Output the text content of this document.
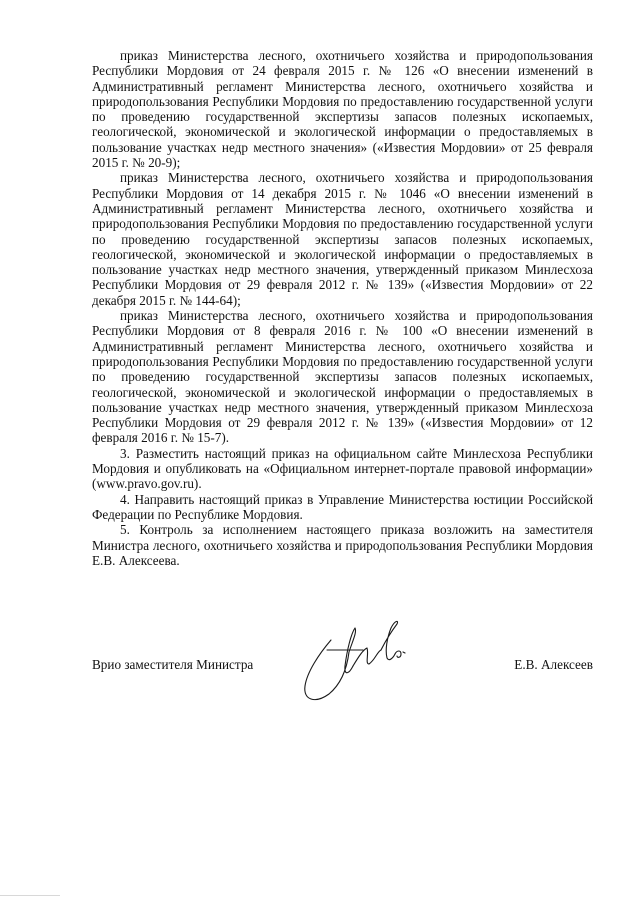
приказ Министерства лесного, охотничьего хозяйства и природопользования Республики Мордовия от 24 февраля 2015 г. № 126 «О внесении изменений в Административный регламент Министерства лесного, охотничьего хозяйства и природопользования Республики Мордовия по предоставлению государственной услуги по проведению государственной экспертизы запасов полезных ископаемых, геологической, экономической и экологической информации о предоставляемых в пользование участках недр местного значения» («Известия Мордовии» от 25 февраля 2015 г. № 20-9);

приказ Министерства лесного, охотничьего хозяйства и природопользования Республики Мордовия от 14 декабря 2015 г. № 1046 «О внесении изменений в Административный регламент Министерства лесного, охотничьего хозяйства и природопользования Республики Мордовия по предоставлению государственной услуги по проведению государственной экспертизы запасов полезных ископаемых, геологической, экономической и экологической информации о предоставляемых в пользование участках недр местного значения, утвержденный приказом Минлесхоза Республики Мордовия от 29 февраля 2012 г. № 139» («Известия Мордовии» от 22 декабря 2015 г. № 144-64);

приказ Министерства лесного, охотничьего хозяйства и природопользования Республики Мордовия от 8 февраля 2016 г. № 100 «О внесении изменений в Административный регламент Министерства лесного, охотничьего хозяйства и природопользования Республики Мордовия по предоставлению государственной услуги по проведению государственной экспертизы запасов полезных ископаемых, геологической, экономической и экологической информации о предоставляемых в пользование участках недр местного значения, утвержденный приказом Минлесхоза Республики Мордовия от 29 февраля 2012 г. № 139» («Известия Мордовии» от 12 февраля 2016 г. № 15-7).

3. Разместить настоящий приказ на официальном сайте Минлесхоза Республики Мордовия и опубликовать на «Официальном интернет-портале правовой информации» (www.pravo.gov.ru).

4. Направить настоящий приказ в Управление Министерства юстиции Российской Федерации по Республике Мордовия.

5. Контроль за исполнением настоящего приказа возложить на заместителя Министра лесного, охотничьего хозяйства и природопользования Республики Мордовия Е.В. Алексеева.

Врио заместителя Министра	Е.В. Алексеев
